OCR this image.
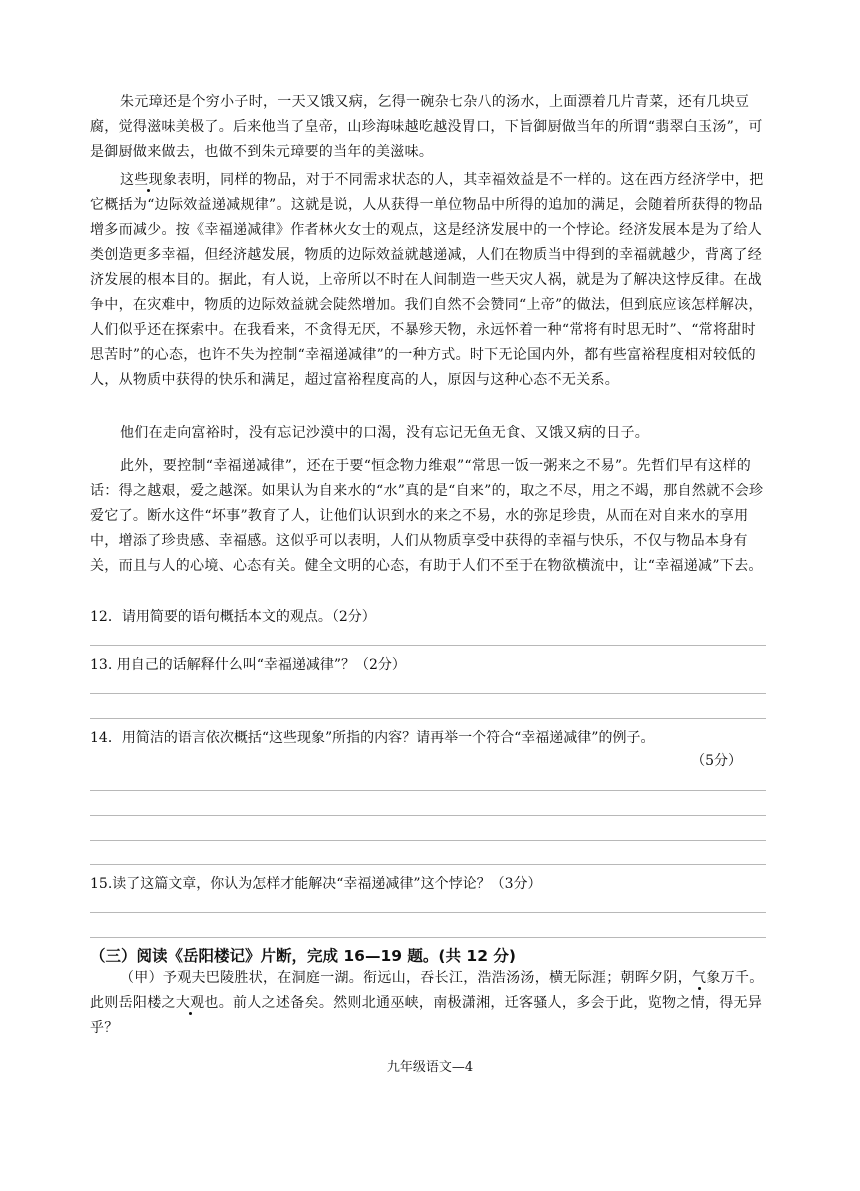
朱元璋还是个穷小子时，一天又饿又病，乞得一碗杂七杂八的汤水，上面漂着几片青菜，还有几块豆腐，觉得滋味美极了。后来他当了皇帝，山珍海味越吃越没胃口，下旨御厨做当年的所谓“翡翠白玉汤”，可是御厨做来做去，也做不到朱元璋要的当年的美滋味。

这些现象表明，同样的物品，对于不同需求状态的人，其幸福效益是不一样的。这在西方经济学中，把它概括为“边际效益递减规律”。这就是说，人从获得一单位物品中所得的追加的满足，会随着所获得的物品增多而减少。按《幸福递减律》作者林火女士的观点，这是经济发展中的一个悖论。经济发展本是为了给人类创造更多幸福，但经济越发展，物质的边际效益就越递减，人们在物质当中得到的幸福就越少，背离了经济发展的根本目的。据此，有人说，上帝所以不时在人间制造一些天灾人祸，就是为了解决这悖反律。在战争中，在灾难中，物质的边际效益就会陡然增加。我们自然不会赞同“上帝”的做法，但到底应该怎样解决，人们似乎还在探索中。在我看来，不贪得无厌，不暴殄天物，永远怀着一种“常将有时思无时”、“常将甜时思苦时”的心态，也许不失为控制“幸福递减律”的一种方式。时下无论国内外，都有些富裕程度相对较低的人，从物质中获得的快乐和满足，超过富裕程度高的人，原因与这种心态不无关系。

他们在走向富裕时，没有忘记沙漠中的口渴，没有忘记无鱼无食、又饿又病的日子。

此外，要控制“幸福递减律”，还在于要“恒念物力维艰”“常思一饭一粥来之不易”。先哲们早有这样的话：得之越艰，爱之越深。如果认为自来水的“水”真的是“自来”的，取之不尽，用之不竭，那自然就不会珍爱它了。断水这件“坏事”教育了人，让他们认识到水的来之不易，水的弥足珍贵，从而在对自来水的享用中，增添了珍贵感、幸福感。这似乎可以表明，人们从物质享受中获得的幸福与快乐，不仅与物品本身有关，而且与人的心境、心态有关。健全文明的心态，有助于人们不至于在物欲横流中，让“幸福递减”下去。

12．请用简要的语句概括本文的观点。（2分）

13. 用自己的话解释什么叫“幸福递减律”？（2分）

14．用简洁的语言依次概括“这些现象”所指的内容？请再举一个符合“幸福递减律”的例子。

（5分）

15.读了这篇文章，你认为怎样才能解决“幸福递减律”这个悖论？（3分）

（三）阅读《岳阳楼记》片断，完成 16—19 题。(共 12 分)

（甲）予观夫巴陵胜状，在洞庭一湖。衔远山，吞长江，浩浩汤汤，横无际涯；朝晖夕阴，气象万千。此则岳阳楼之大观也。前人之述备矣。然则北通巫峡，南极潇湘，迁客骚人，多会于此，览物之情，得无异乎？

九年级语文—4
